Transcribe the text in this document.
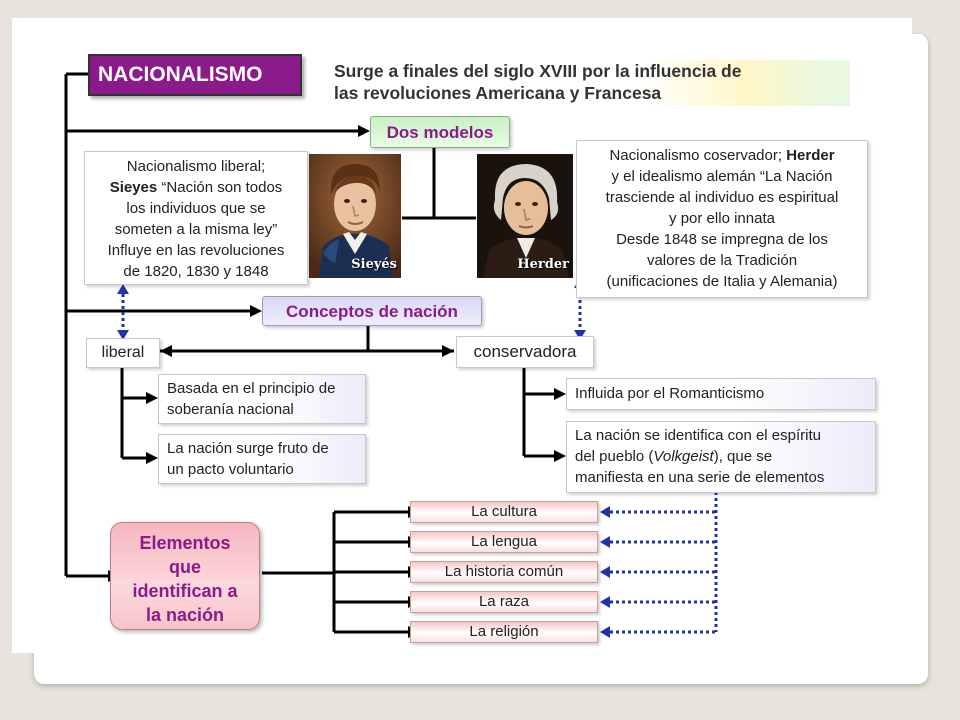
NACIONALISMO	Surge a finales del siglo XVIII por la influencia de
las revoluciones Americana y Francesa
Dos modelos
Nacionalismo liberal;
Sieyes “Nación son todos
los individuos que se
someten a la misma ley”
Influye en las revoluciones
de 1820, 1830 y 1848	Sieyés	Herder
Nacionalismo coservador; Herder
y el idealismo alemán “La Nación
trasciende al individuo es espiritual
y por ello innata
Desde 1848 se impregna de los
valores de la Tradición
(unificaciones de Italia y Alemania)
Conceptos de nación
liberal
Basada en el principio de
soberanía nacional
La nación surge fruto de
un pacto voluntario
conservadora
Influida por el Romanticismo
La nación se identifica con el espíritu
del pueblo (Volkgeist), que se
manifiesta en una serie de elementos
Elementos
que
identifican a
la nación
La cultura
La lengua
La historia común
La raza
La religión
